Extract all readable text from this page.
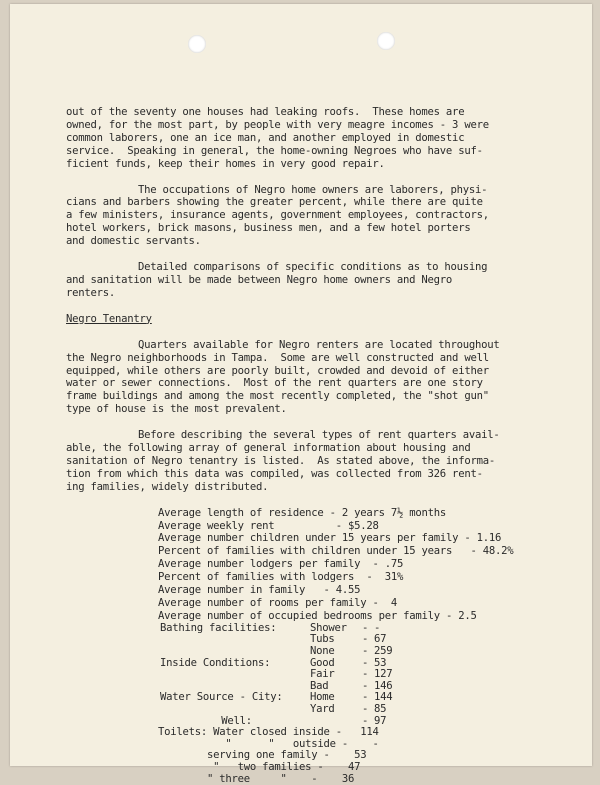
out of the seventy one houses had leaking roofs.  These homes are
owned, for the most part, by people with very meagre incomes - 3 were
common laborers, one an ice man, and another employed in domestic
service.  Speaking in general, the home-owning Negroes who have suf-
ficient funds, keep their homes in very good repair.
The occupations of Negro home owners are laborers, physi-
cians and barbers showing the greater percent, while there are quite
a few ministers, insurance agents, government employees, contractors,
hotel workers, brick masons, business men, and a few hotel porters
and domestic servants.
Detailed comparisons of specific conditions as to housing
and sanitation will be made between Negro home owners and Negro
renters.
Negro Tenantry
Quarters available for Negro renters are located throughout
the Negro neighborhoods in Tampa.  Some are well constructed and well
equipped, while others are poorly built, crowded and devoid of either
water or sewer connections.  Most of the rent quarters are one story
frame buildings and among the most recently completed, the "shot gun"
type of house is the most prevalent.
Before describing the several types of rent quarters avail-
able, the following array of general information about housing and
sanitation of Negro tenantry is listed.  As stated above, the informa-
tion from which this data was compiled, was collected from 326 rent-
ing families, widely distributed.
Average length of residence - 2 years 7½ months
Average weekly rent          - $5.28
Average number children under 15 years per family - 1.16
Percent of families with children under 15 years   - 48.2%
Average number lodgers per family  - .75
Percent of families with lodgers  -  31%
Average number in family   - 4.55
Average number of rooms per family -  4
Average number of occupied bedrooms per family - 2.5
Bathing facilities:	Shower	- -
Tubs	- 67
None	- 259
Inside Conditions:	Good	- 53
Fair	- 127
Bad	- 146
Water Source - City:	Home	- 144
Yard	- 85
Well:	- 97
Toilets: Water closed inside -   114
"      "   outside -    -
serving one family -    53
"   two families -    47
" three     "    -    36
